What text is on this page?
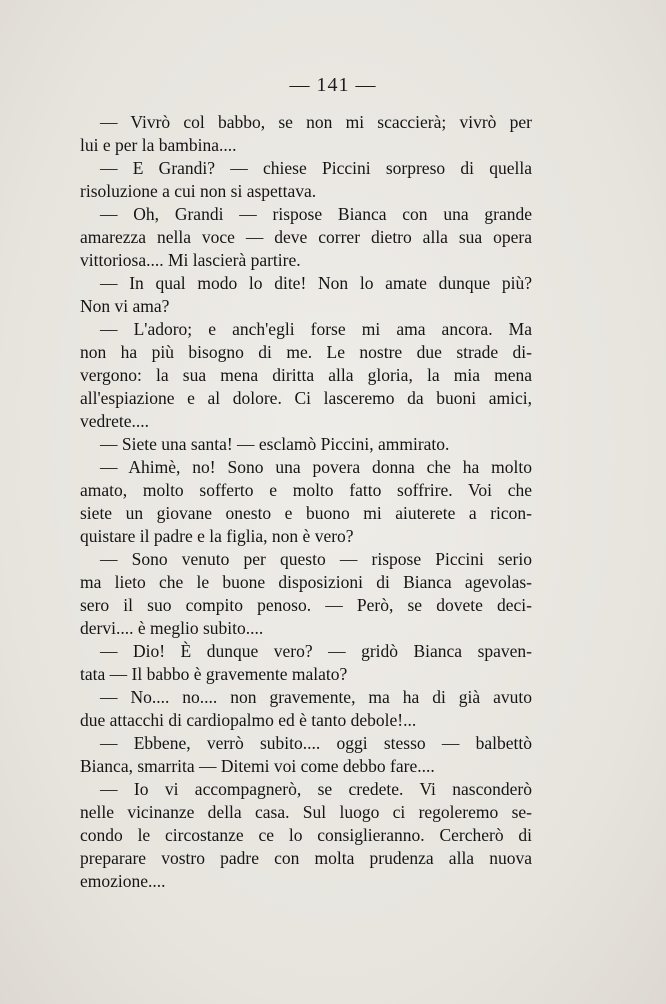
— 141 —
— Vivrò col babbo, se non mi scaccierà; vivrò per
lui e per la bambina....
— E Grandi? — chiese Piccini sorpreso di quella
risoluzione a cui non si aspettava.
— Oh, Grandi — rispose Bianca con una grande
amarezza nella voce — deve correr dietro alla sua opera
vittoriosa.... Mi lascierà partire.
— In qual modo lo dite! Non lo amate dunque più?
Non vi ama?
— L'adoro; e anch'egli forse mi ama ancora. Ma
non ha più bisogno di me. Le nostre due strade di-
vergono: la sua mena diritta alla gloria, la mia mena
all'espiazione e al dolore. Ci lasceremo da buoni amici,
vedrete....
— Siete una santa! — esclamò Piccini, ammirato.
— Ahimè, no! Sono una povera donna che ha molto
amato, molto sofferto e molto fatto soffrire. Voi che
siete un giovane onesto e buono mi aiuterete a ricon-
quistare il padre e la figlia, non è vero?
— Sono venuto per questo — rispose Piccini serio
ma lieto che le buone disposizioni di Bianca agevolas-
sero il suo compito penoso. — Però, se dovete deci-
dervi.... è meglio subito....
— Dio! È dunque vero? — gridò Bianca spaven-
tata — Il babbo è gravemente malato?
— No.... no.... non gravemente, ma ha di già avuto
due attacchi di cardiopalmo ed è tanto debole!...
— Ebbene, verrò subito.... oggi stesso — balbettò
Bianca, smarrita — Ditemi voi come debbo fare....
— Io vi accompagnerò, se credete. Vi nasconderò
nelle vicinanze della casa. Sul luogo ci regoleremo se-
condo le circostanze ce lo consiglieranno. Cercherò di
preparare vostro padre con molta prudenza alla nuova
emozione....
